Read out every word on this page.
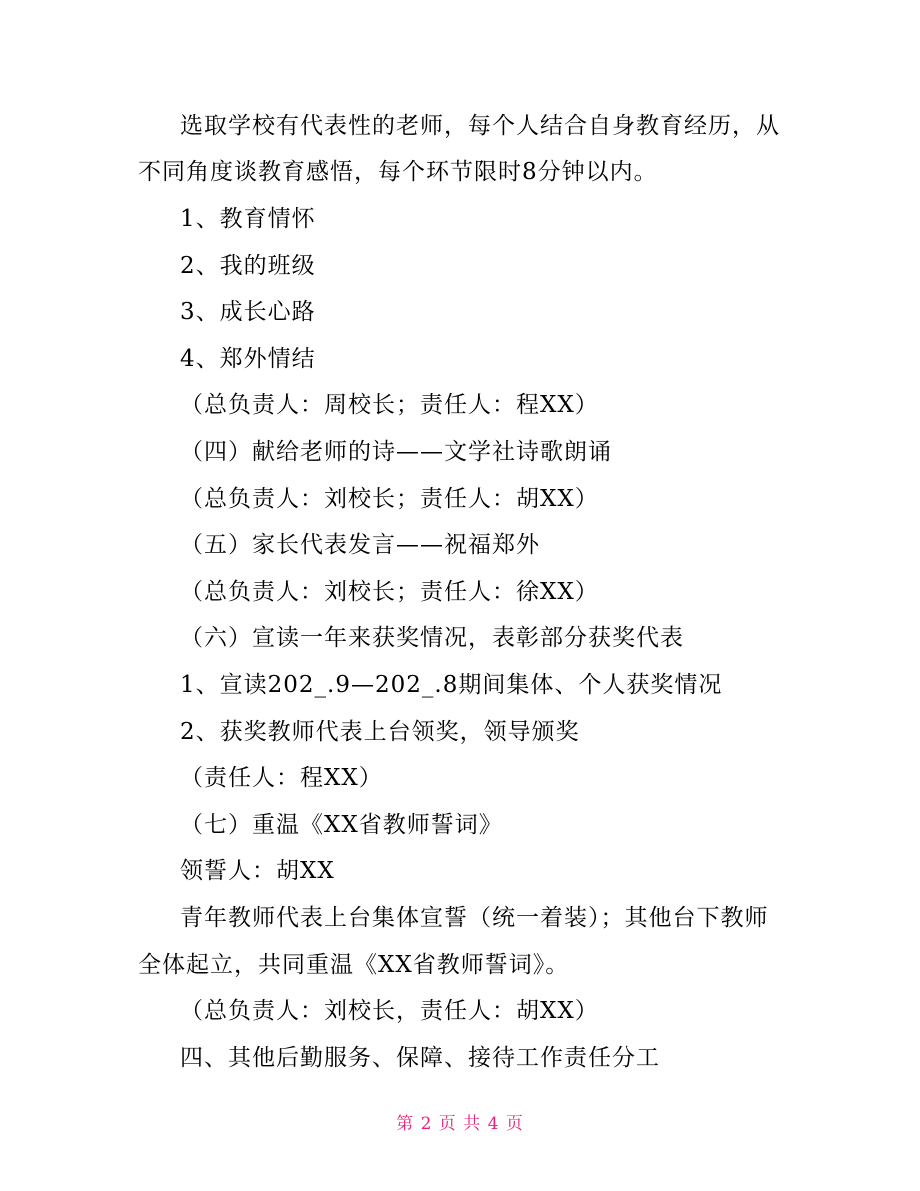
选取学校有代表性的老师，每个人结合自身教育经历，从
不同角度谈教育感悟，每个环节限时8分钟以内。
1、教育情怀
2、我的班级
3、成长心路
4、郑外情结
（总负责人：周校长；责任人：程XX）
（四）献给老师的诗——文学社诗歌朗诵
（总负责人：刘校长；责任人：胡XX）
（五）家长代表发言——祝福郑外
（总负责人：刘校长；责任人：徐XX）
（六）宣读一年来获奖情况，表彰部分获奖代表
1、宣读202_.9—202_.8期间集体、个人获奖情况
2、获奖教师代表上台领奖，领导颁奖
（责任人：程XX）
（七）重温《XX省教师誓词》
领誓人：胡XX
青年教师代表上台集体宣誓（统一着装）；其他台下教师
全体起立，共同重温《XX省教师誓词》。
（总负责人：刘校长，责任人：胡XX）
四、其他后勤服务、保障、接待工作责任分工
第 2 页 共 4 页
